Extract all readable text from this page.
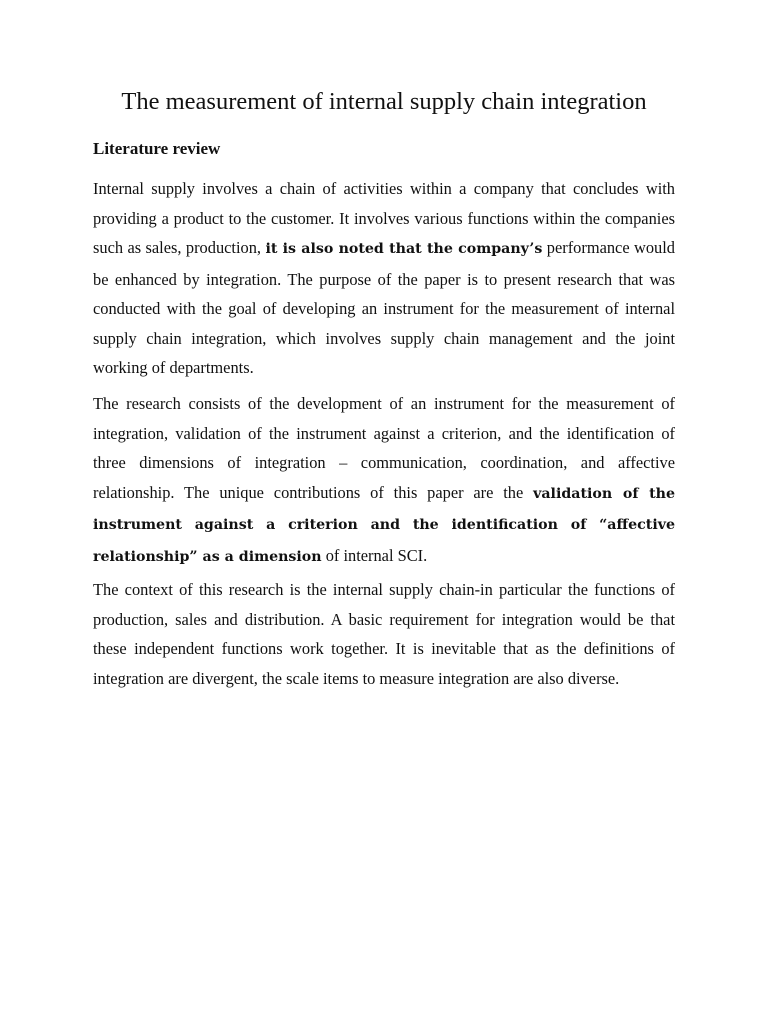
The measurement of internal supply chain integration
Literature review

Internal supply involves a chain of activities within a company that concludes with providing a product to the customer. It involves various functions within the companies such as sales, production, it is also noted that the company’s performance would be enhanced by integration. The purpose of the paper is to present research that was conducted with the goal of developing an instrument for the measurement of internal supply chain integration, which involves supply chain management and the joint working of departments.

The research consists of the development of an instrument for the measurement of integration, validation of the instrument against a criterion, and the identification of three dimensions of integration – communication, coordination, and affective relationship. The unique contributions of this paper are the validation of the instrument against a criterion and the identification of “affective relationship” as a dimension of internal SCI.

The context of this research is the internal supply chain-in particular the functions of production, sales and distribution. A basic requirement for integration would be that these independent functions work together. It is inevitable that as the definitions of integration are divergent, the scale items to measure integration are also diverse.
